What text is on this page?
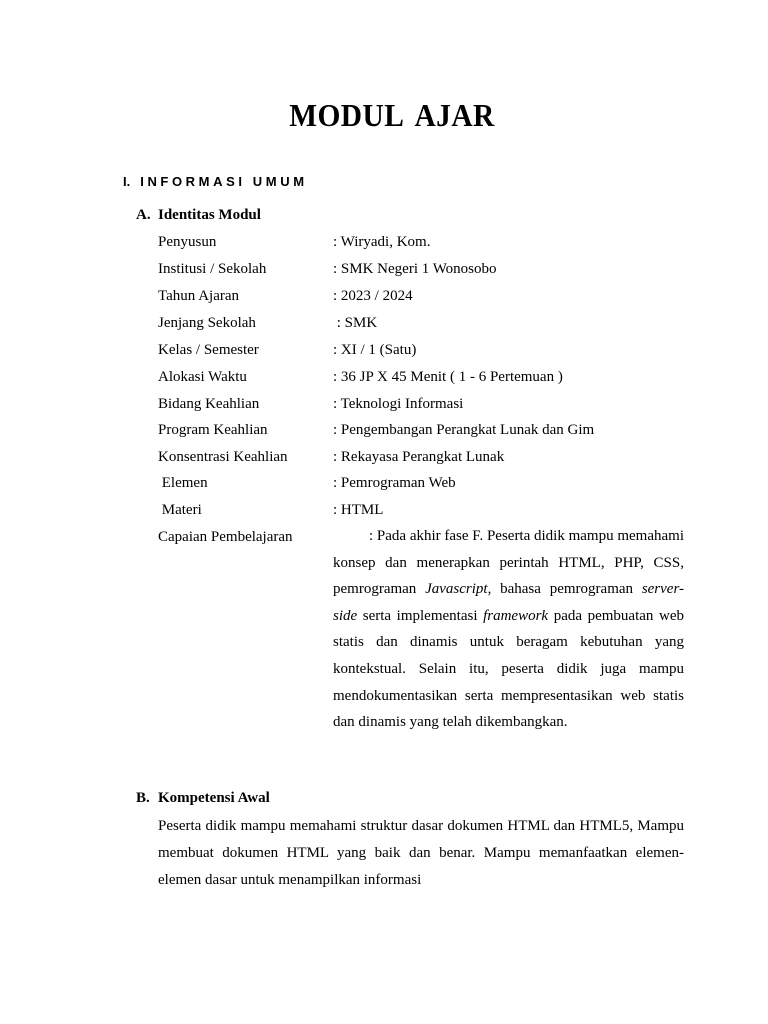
MODUL AJAR
I. INFORMASI UMUM
A. Identitas Modul
Penyusun	: Wiryadi, Kom.
Institusi / Sekolah	: SMK Negeri 1 Wonosobo
Tahun Ajaran	: 2023 / 2024
Jenjang Sekolah	: SMK
Kelas / Semester	: XI / 1 (Satu)
Alokasi Waktu	: 36 JP X 45 Menit ( 1 - 6 Pertemuan )
Bidang Keahlian	: Teknologi Informasi
Program Keahlian	: Pengembangan Perangkat Lunak dan Gim
Konsentrasi Keahlian	: Rekayasa Perangkat Lunak
Elemen	: Pemrograman Web
Materi	: HTML
Capaian Pembelajaran	: Pada akhir fase F. Peserta didik mampu memahami konsep dan menerapkan perintah HTML, PHP, CSS, pemrograman Javascript, bahasa pemrograman server- side serta implementasi framework pada pembuatan web statis dan dinamis untuk beragam kebutuhan yang kontekstual. Selain itu, peserta didik juga mampu mendokumentasikan serta mempresentasikan web statis dan dinamis yang telah dikembangkan.
B. Kompetensi Awal
Peserta didik mampu memahami struktur dasar dokumen HTML dan HTML5, Mampu membuat dokumen HTML yang baik dan benar. Mampu memanfaatkan elemen-elemen dasar untuk menampilkan informasi
